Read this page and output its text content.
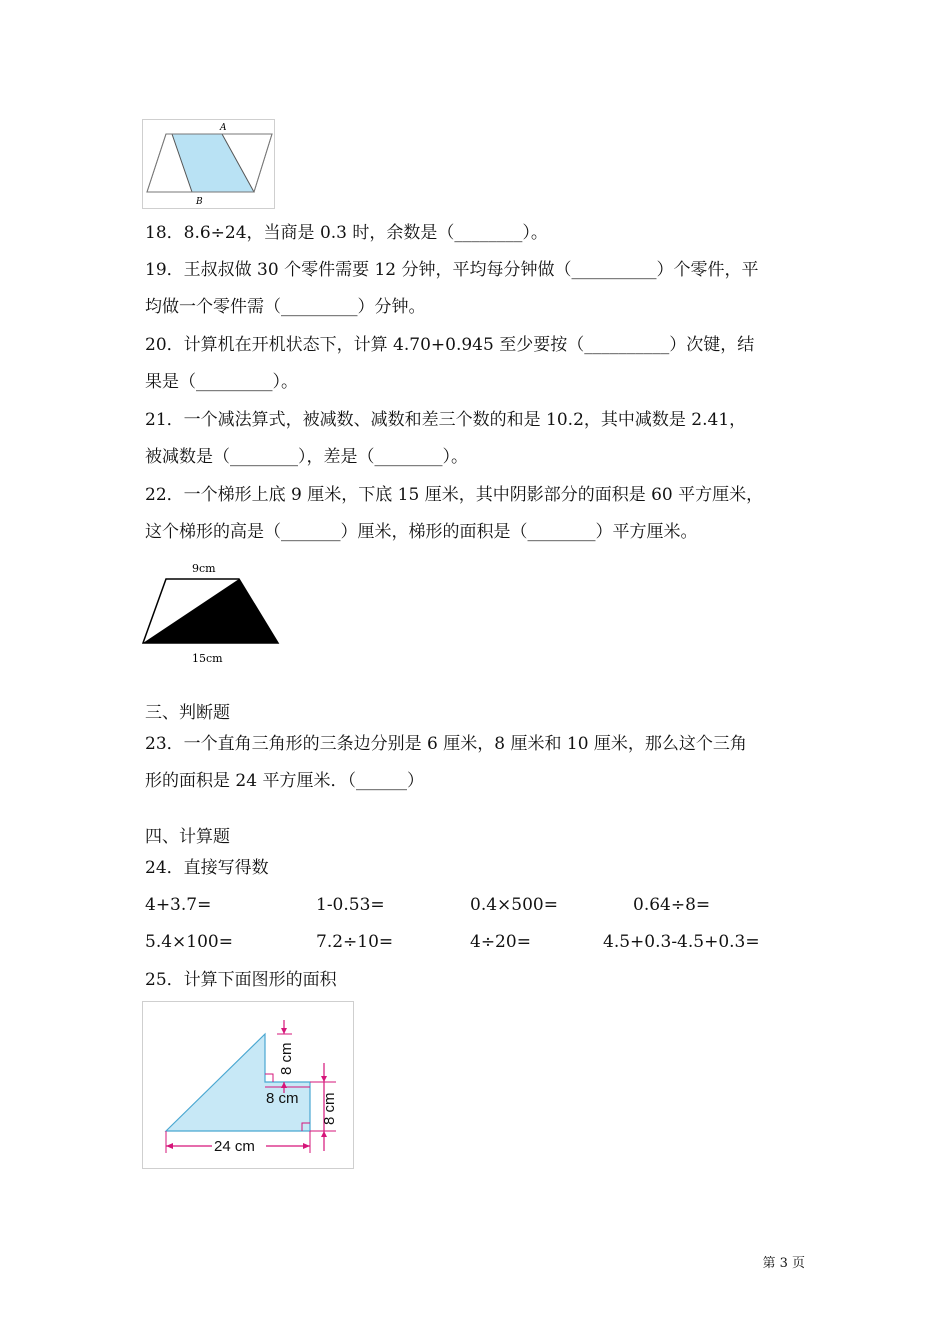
A
B
18．8.6÷24，当商是 0.3 时，余数是（________）。
19．王叔叔做 30 个零件需要 12 分钟，平均每分钟做（__________）个零件，平
均做一个零件需（_________）分钟。
20．计算机在开机状态下，计算 4.70+0.945 至少要按（__________）次键，结
果是（_________）。
21．一个减法算式，被减数、减数和差三个数的和是 10.2，其中减数是 2.41，
被减数是（________），差是（________）。
22．一个梯形上底 9 厘米，下底 15 厘米，其中阴影部分的面积是 60 平方厘米，
这个梯形的高是（_______）厘米，梯形的面积是（________）平方厘米。
9cm
15cm
三、判断题
23．一个直角三角形的三条边分别是 6 厘米，8 厘米和 10 厘米，那么这个三角
形的面积是 24 平方厘米．（______）
四、计算题
24．直接写得数
4+3.7=	1-0.53=	0.4×500=	0.64÷8=
5.4×100=	7.2÷10=	4÷20=	4.5+0.3-4.5+0.3=
25．计算下面图形的面积
8 cm
8 cm 8 cm
24 cm
第 3 页
